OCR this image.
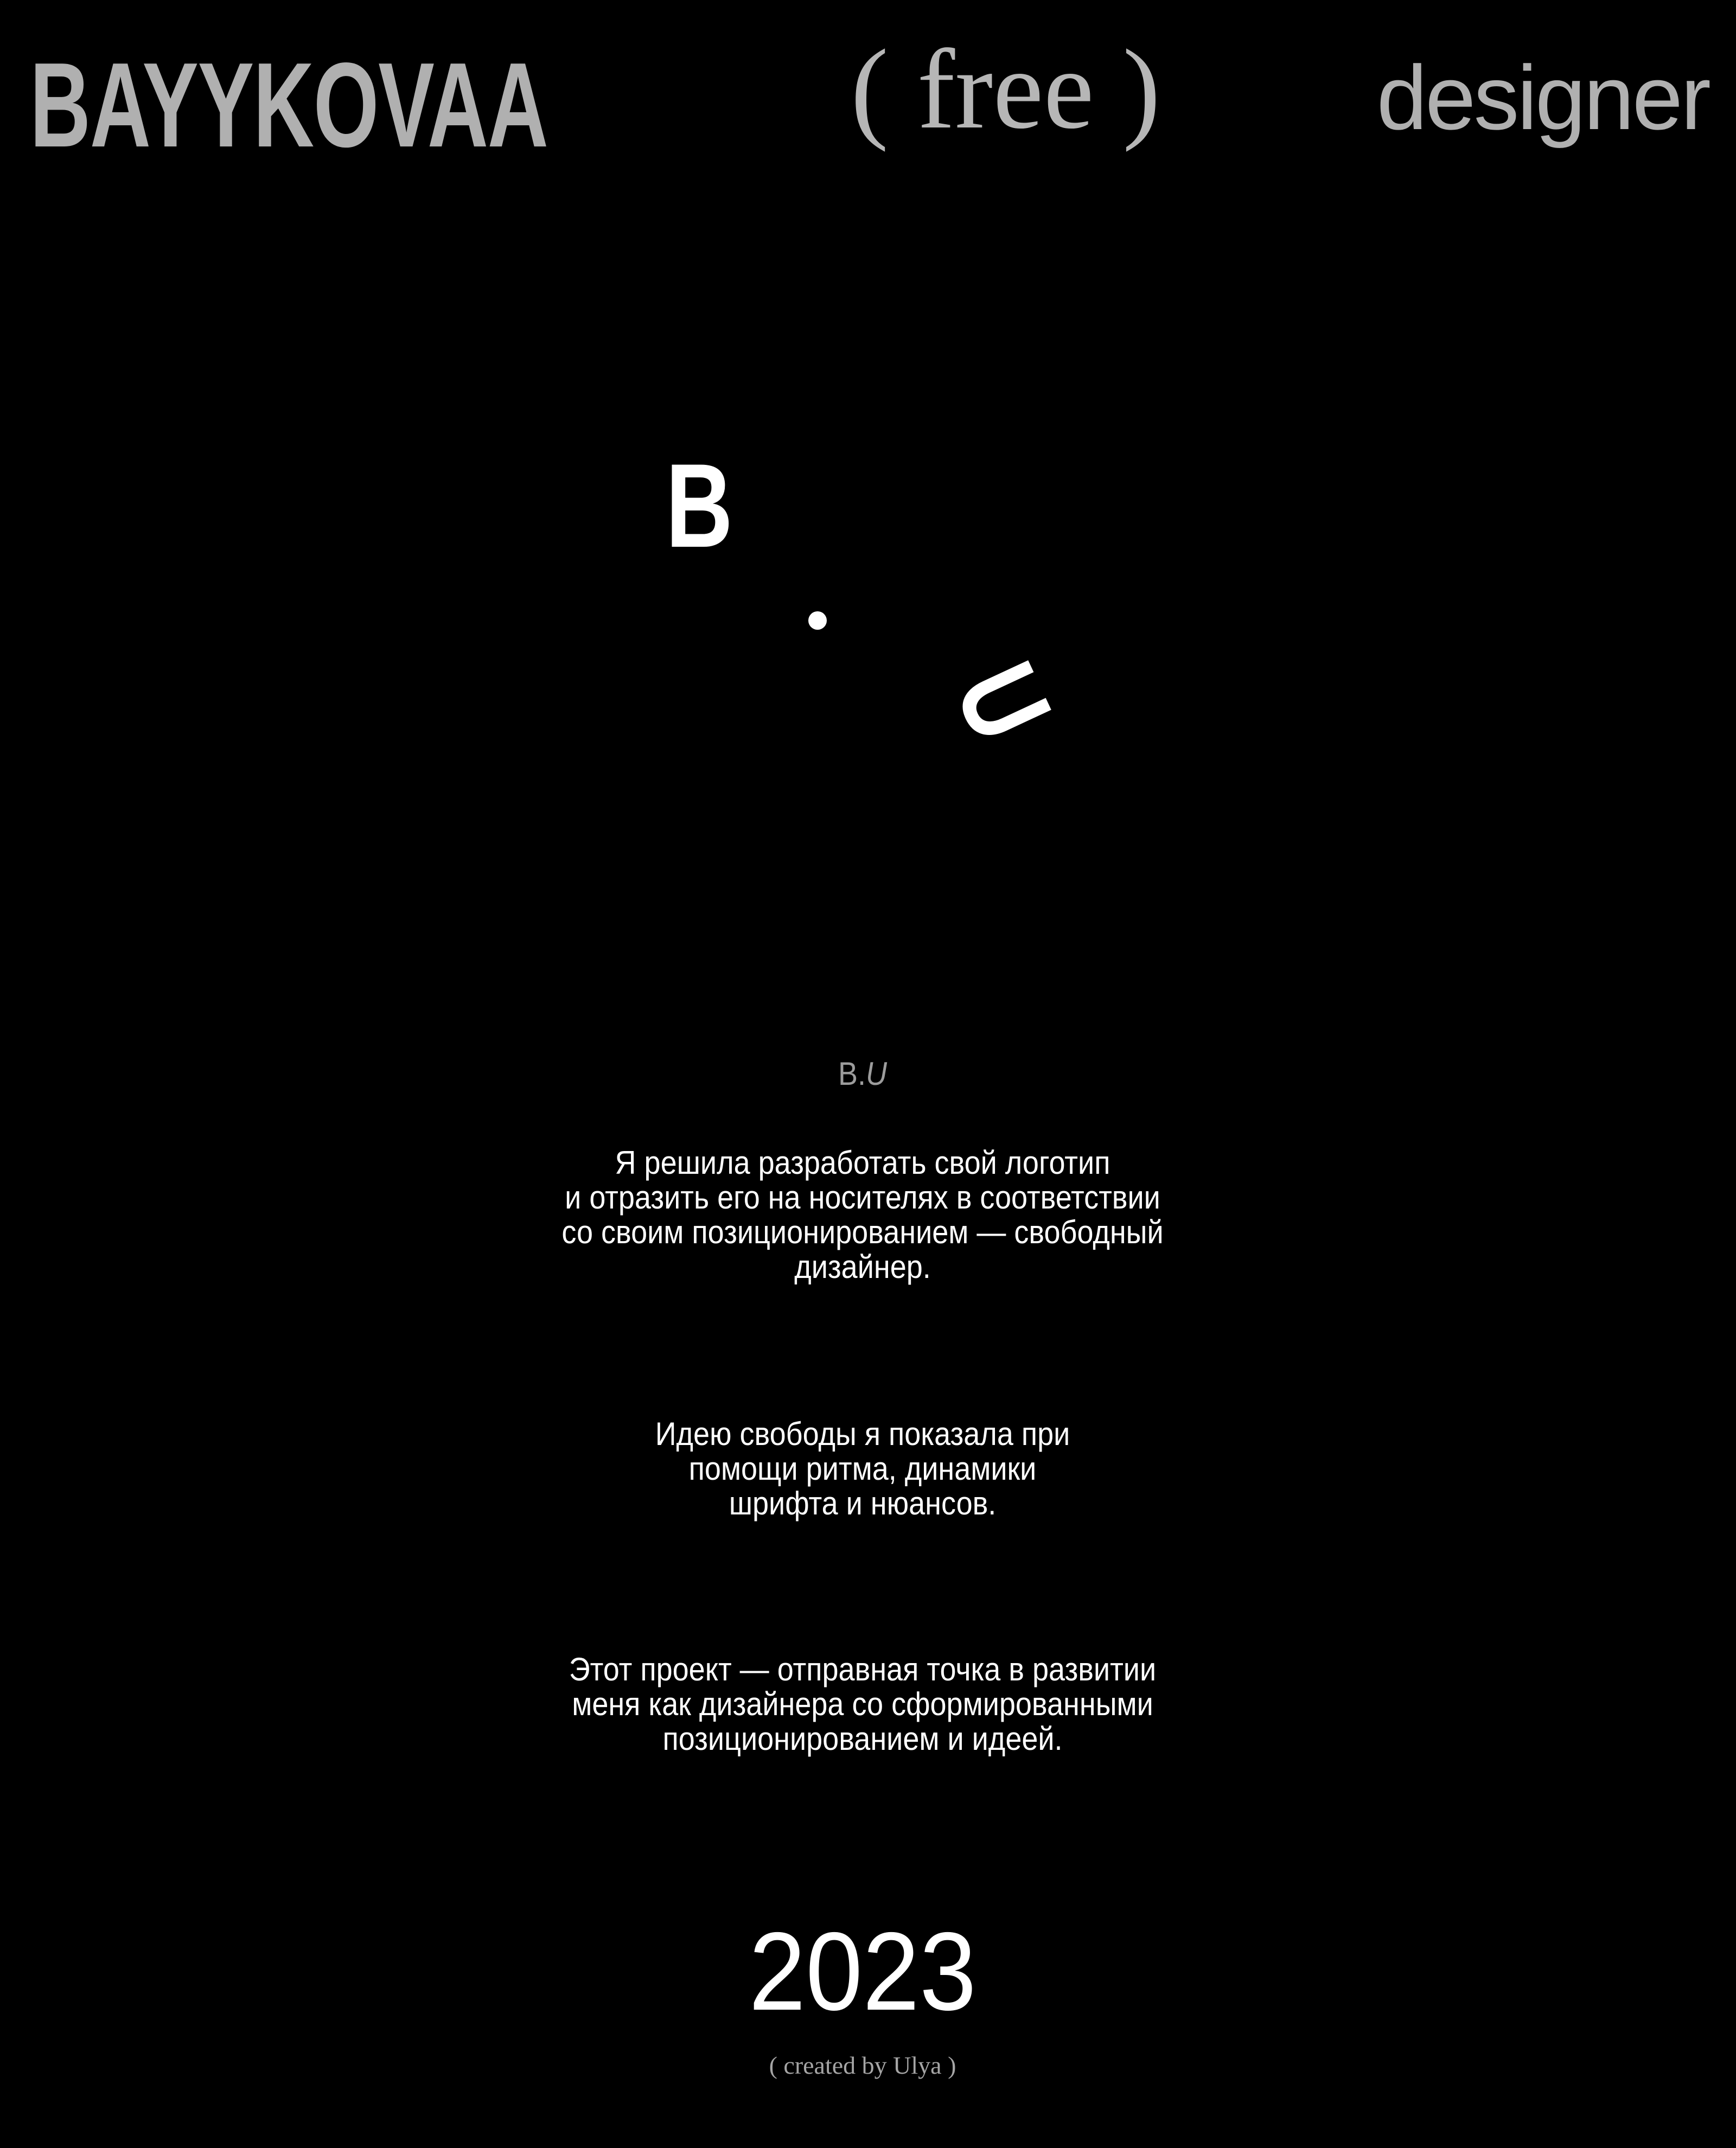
BAYYKOVAA	( free ) designer
B
U
B.U
Я решила разработать свой логотип
и отразить его на носителях в соответствии
со своим позиционированием — свободный
дизайнер.
Идею свободы я показала при
помощи ритма, динамики
шрифта и нюансов.
Этот проект — отправная точка в развитии
меня как дизайнера со сформированными
позиционированием и идеей.
2023
( created by Ulya )
